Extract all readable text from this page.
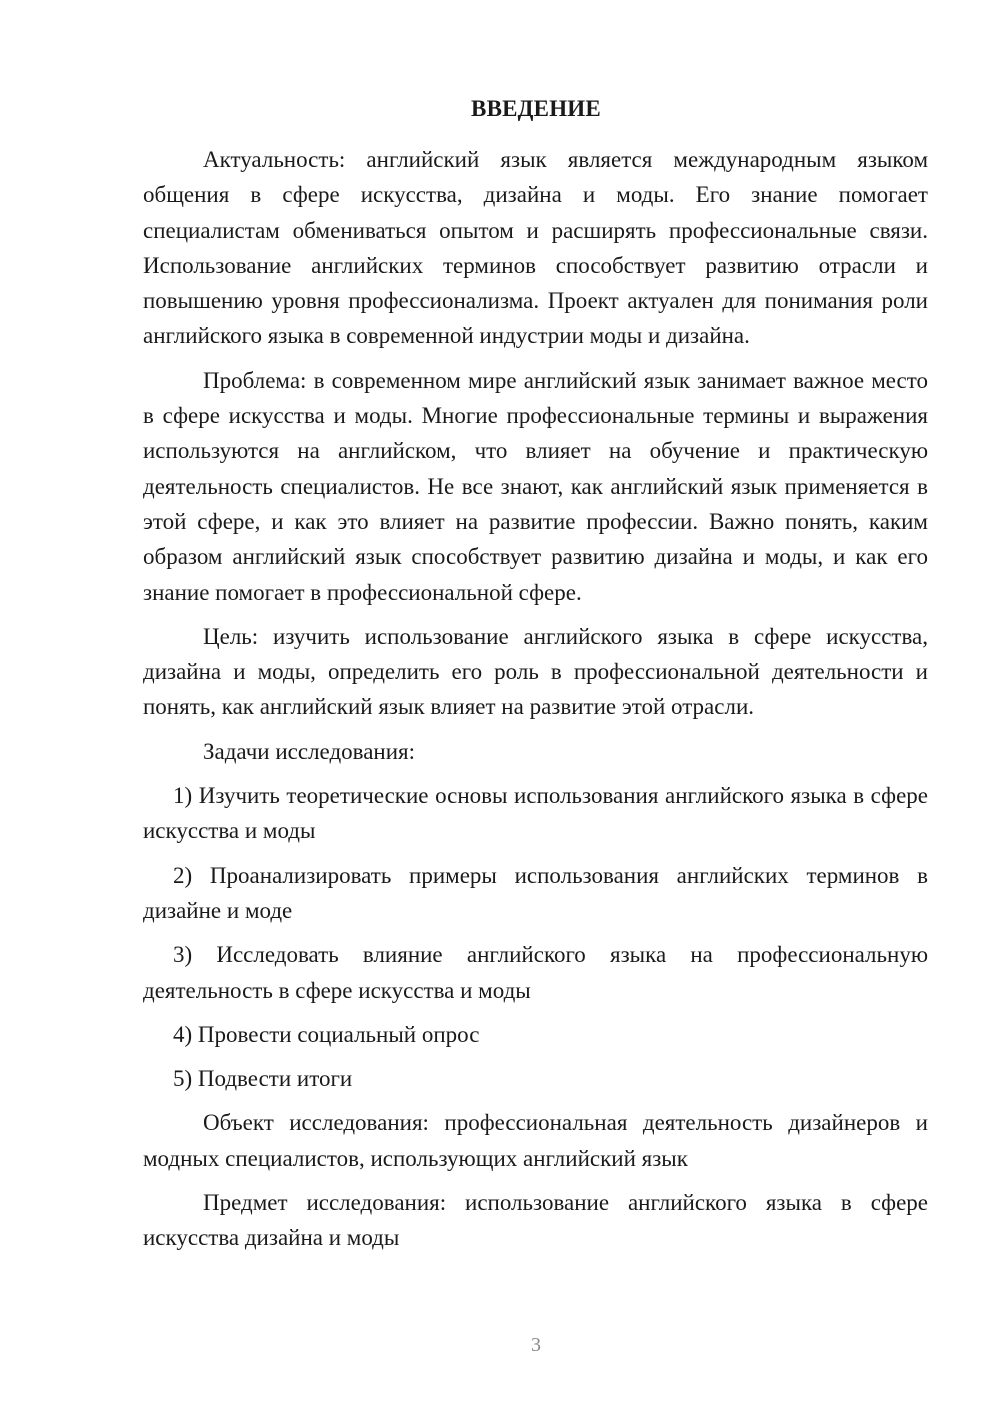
ВВЕДЕНИЕ

Актуальность: английский язык является международным языком общения в сфере искусства, дизайна и моды. Его знание помогает специалистам обмениваться опытом и расширять профессиональные связи. Использование английских терминов способствует развитию отрасли и повышению уровня профессионализма. Проект актуален для понимания роли английского языка в современной индустрии моды и дизайна.

Проблема: в современном мире английский язык занимает важное место в сфере искусства и моды. Многие профессиональные термины и выражения используются на английском, что влияет на обучение и практическую деятельность специалистов. Не все знают, как английский язык применяется в этой сфере, и как это влияет на развитие профессии. Важно понять, каким образом английский язык способствует развитию дизайна и моды, и как его знание помогает в профессиональной сфере.

Цель: изучить использование английского языка в сфере искусства, дизайна и моды, определить его роль в профессиональной деятельности и понять, как английский язык влияет на развитие этой отрасли.

Задачи исследования:

1) Изучить теоретические основы использования английского языка в сфере искусства и моды

2) Проанализировать примеры использования английских терминов в дизайне и моде

3) Исследовать влияние английского языка на профессиональную деятельность в сфере искусства и моды

4) Провести социальный опрос

5) Подвести итоги

Объект исследования: профессиональная деятельность дизайнеров и модных специалистов, использующих английский язык

Предмет исследования: использование английского языка в сфере искусства дизайна и моды

3
